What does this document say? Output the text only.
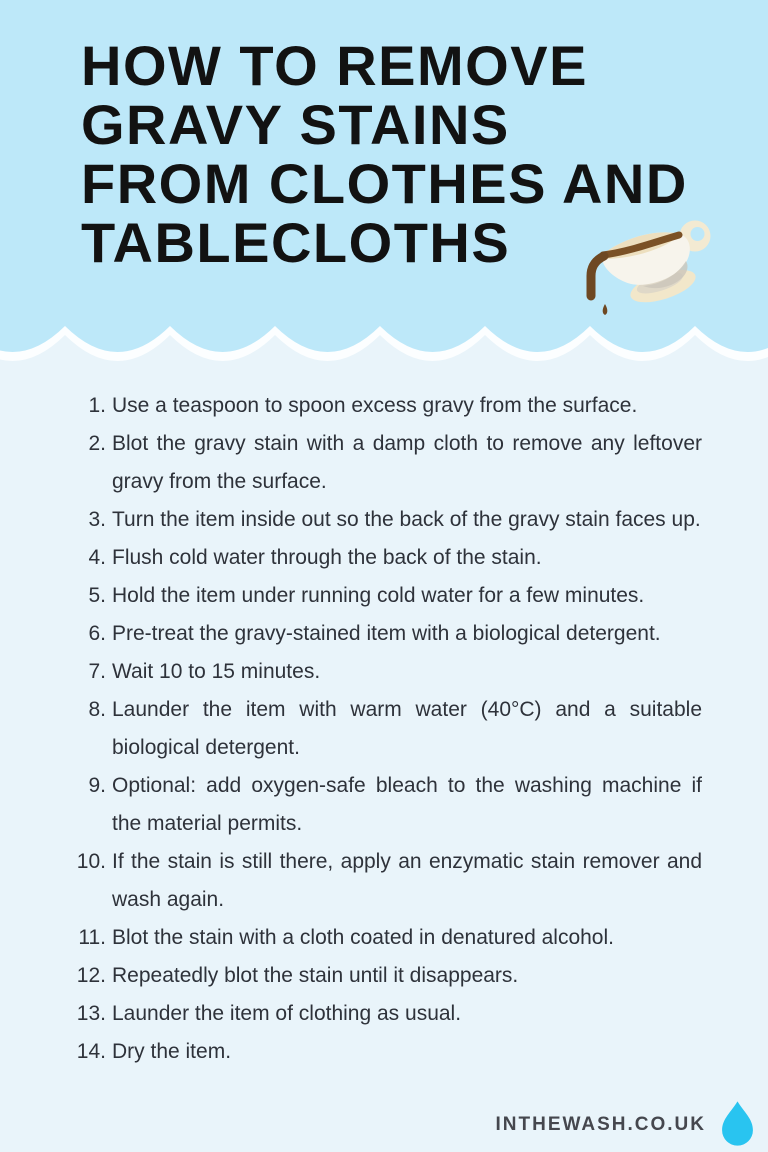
HOW TO REMOVE
GRAVY STAINS
FROM CLOTHES AND
TABLECLOTHS
1. Use a teaspoon to spoon excess gravy from the surface.
2. Blot the gravy stain with a damp cloth to remove any leftover
gravy from the surface.
3. Turn the item inside out so the back of the gravy stain faces up.
4. Flush cold water through the back of the stain.
5. Hold the item under running cold water for a few minutes.
6. Pre-treat the gravy-stained item with a biological detergent.
7. Wait 10 to 15 minutes.
8. Launder the item with warm water (40°C) and a suitable
biological detergent.
9. Optional: add oxygen-safe bleach to the washing machine if
the material permits.
10. If the stain is still there, apply an enzymatic stain remover and
wash again.
11. Blot the stain with a cloth coated in denatured alcohol.
12. Repeatedly blot the stain until it disappears.
13. Launder the item of clothing as usual.
14. Dry the item.
INTHEWASH.CO.UK
